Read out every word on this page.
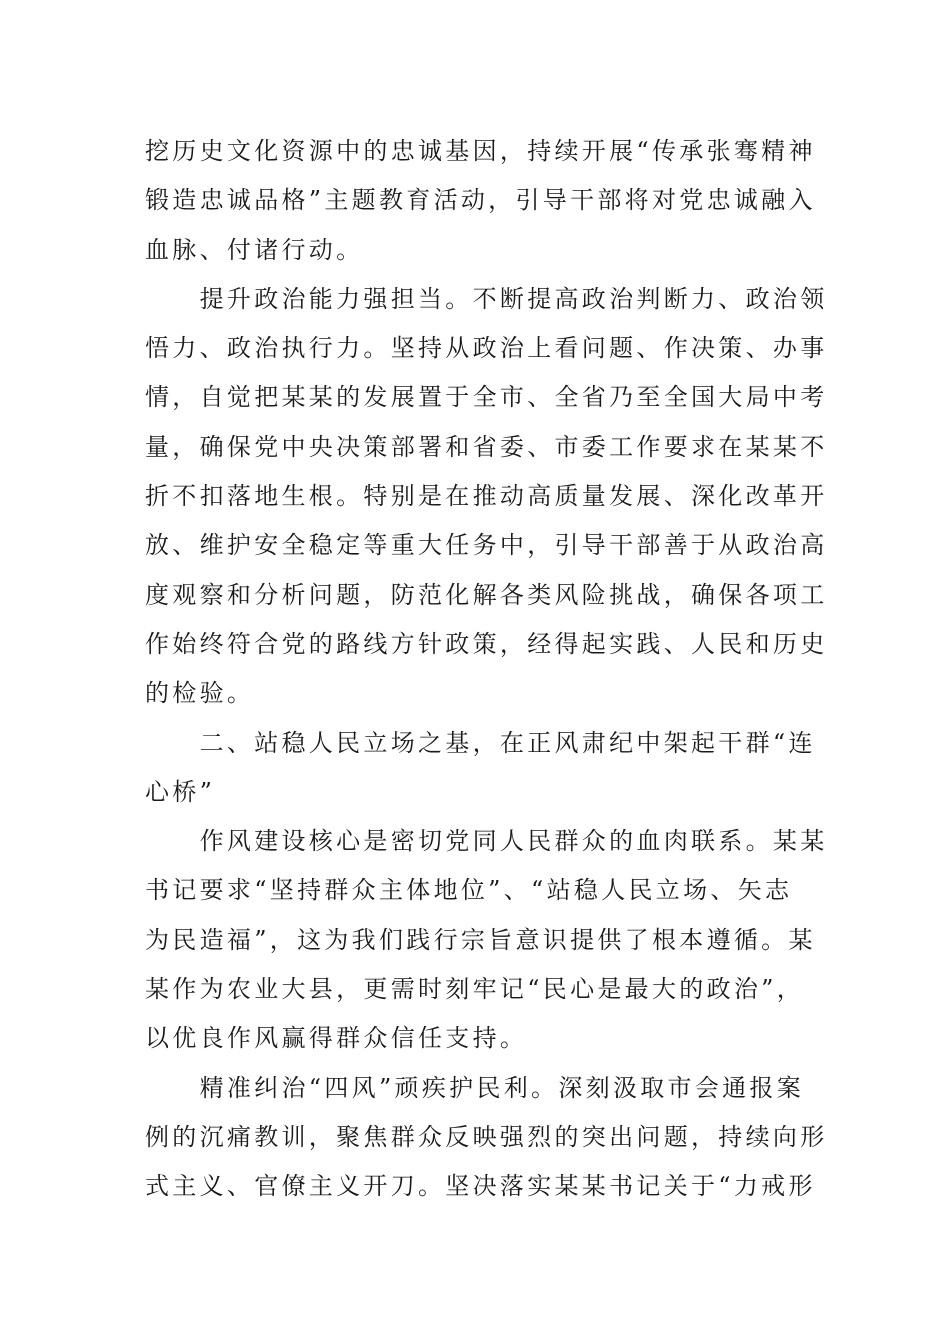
挖历史文化资源中的忠诚基因，持续开展“传承张骞精神
锻造忠诚品格”主题教育活动，引导干部将对党忠诚融入
血脉、付诸行动。
　　提升政治能力强担当。不断提高政治判断力、政治领
悟力、政治执行力。坚持从政治上看问题、作决策、办事
情，自觉把某某的发展置于全市、全省乃至全国大局中考
量，确保党中央决策部署和省委、市委工作要求在某某不
折不扣落地生根。特别是在推动高质量发展、深化改革开
放、维护安全稳定等重大任务中，引导干部善于从政治高
度观察和分析问题，防范化解各类风险挑战，确保各项工
作始终符合党的路线方针政策，经得起实践、人民和历史
的检验。
　　二、站稳人民立场之基，在正风肃纪中架起干群“连
心桥”
　　作风建设核心是密切党同人民群众的血肉联系。某某
书记要求“坚持群众主体地位”、“站稳人民立场、矢志
为民造福”，这为我们践行宗旨意识提供了根本遵循。某
某作为农业大县，更需时刻牢记“民心是最大的政治”，
以优良作风赢得群众信任支持。
　　精准纠治“四风”顽疾护民利。深刻汲取市会通报案
例的沉痛教训，聚焦群众反映强烈的突出问题，持续向形
式主义、官僚主义开刀。坚决落实某某书记关于“力戒形
